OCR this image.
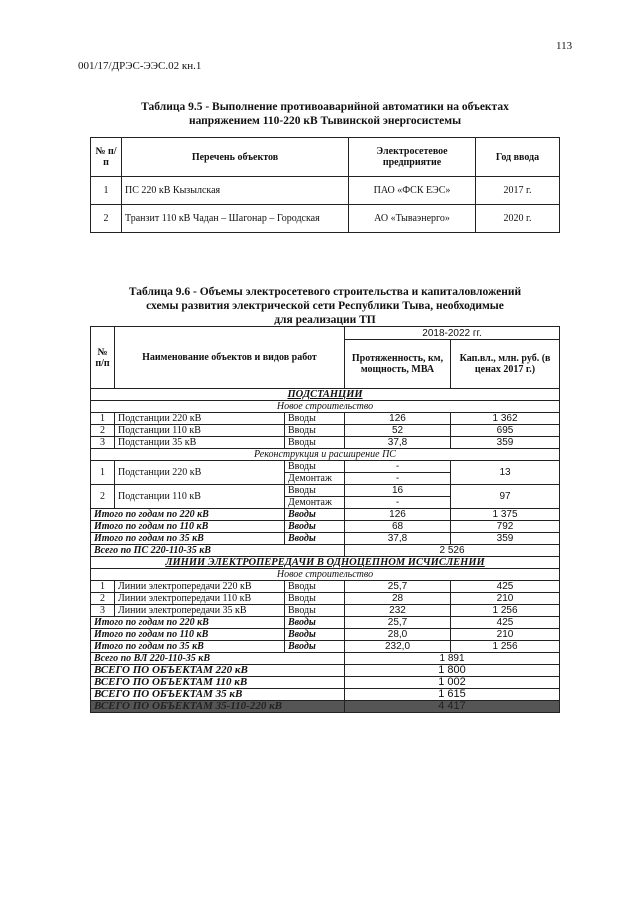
001/17/ДРЭС-ЭЭС.02 кн.1
113
Таблица 9.5 - Выполнение противоаварийной автоматики на объектах
напряжением 110-220 кВ Тывинской энергосистемы
№ п/п	Перечень объектов	Электросетевое предприятие	Год ввода
1	ПС 220 кВ Кызылская	ПАО «ФСК ЕЭС»	2017 г.
2	Транзит 110 кВ Чадан – Шагонар – Городская	АО «Тываэнерго»	2020 г.
Таблица 9.6 - Объемы электросетевого строительства и капиталовложений
схемы развития электрической сети Республики Тыва, необходимые
для реализации ТП
№ п/п	Наименование объектов и видов работ		2018-2022 гг.	
			Протяженность, км, мощность, МВА	Кап.вл., млн. руб. (в ценах 2017 г.)
ПОДСТАНЦИИ				
Новое строительство				
1	Подстанции 220 кВ	Вводы	126	1 362
2	Подстанции 110 кВ	Вводы	52	695
3	Подстанции 35 кВ	Вводы	37,8	359
Реконструкция и расширение ПС				
1	Подстанции 220 кВ	Вводы	-	13
		Демонтаж	-	
2	Подстанции 110 кВ	Вводы	16	97
		Демонтаж	-	
Итого по годам по 220 кВ		Вводы	126	1 375
Итого по годам по 110 кВ		Вводы	68	792
Итого по годам по 35 кВ		Вводы	37,8	359
Всего по ПС 220-110-35 кВ			2 526	
ЛИНИИ ЭЛЕКТРОПЕРЕДАЧИ В ОДНОЦЕПНОМ ИСЧИСЛЕНИИ				
Новое строительство				
1	Линии электропередачи 220 кВ	Вводы	25,7	425
2	Линии электропередачи 110 кВ	Вводы	28	210
3	Линии электропередачи 35 кВ	Вводы	232	1 256
Итого по годам по 220 кВ		Вводы	25,7	425
Итого по годам по 110 кВ		Вводы	28,0	210
Итого по годам по 35 кВ		Вводы	232,0	1 256
Всего по ВЛ 220-110-35 кВ			1 891	
ВСЕГО ПО ОБЪЕКТАМ 220 кВ			1 800	
ВСЕГО ПО ОБЪЕКТАМ 110 кВ			1 002	
ВСЕГО ПО ОБЪЕКТАМ 35 кВ			1 615	
ВСЕГО ПО ОБЪЕКТАМ 35-110-220 кВ			4 417	
